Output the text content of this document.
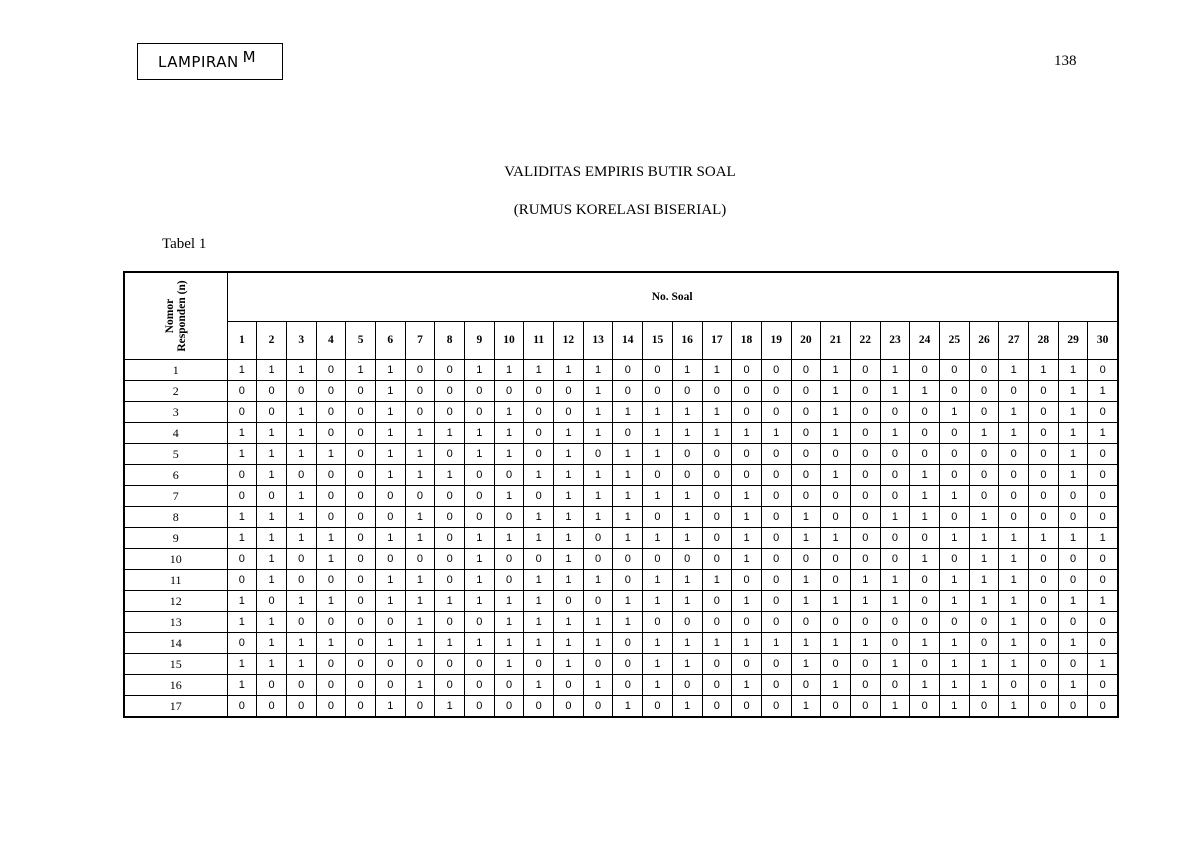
LAMPIRAN M	138
VALIDITAS EMPIRIS BUTIR SOAL
(RUMUS KORELASI BISERIAL)
Tabel 1
Nomor Responden (n)	No. Soal																													
	1	2	3	4	5	6	7	8	9	10	11	12	13	14	15	16	17	18	19	20	21	22	23	24	25	26	27	28	29	30
1	1	1	1	0	1	1	0	0	1	1	1	1	1	0	0	1	1	0	0	0	1	0	1	0	0	0	1	1	1	0
2	0	0	0	0	0	1	0	0	0	0	0	0	1	0	0	0	0	0	0	0	1	0	1	1	0	0	0	0	1	1
3	0	0	1	0	0	1	0	0	0	1	0	0	1	1	1	1	1	0	0	0	1	0	0	0	1	0	1	0	1	0
4	1	1	1	0	0	1	1	1	1	1	0	1	1	0	1	1	1	1	1	0	1	0	1	0	0	1	1	0	1	1
5	1	1	1	1	0	1	1	0	1	1	0	1	0	1	1	0	0	0	0	0	0	0	0	0	0	0	0	0	1	0
6	0	1	0	0	0	1	1	1	0	0	1	1	1	1	0	0	0	0	0	0	1	0	0	1	0	0	0	0	1	0
7	0	0	1	0	0	0	0	0	0	1	0	1	1	1	1	1	0	1	0	0	0	0	0	1	1	0	0	0	0	0
8	1	1	1	0	0	0	1	0	0	0	1	1	1	1	0	1	0	1	0	1	0	0	1	1	0	1	0	0	0	0
9	1	1	1	1	0	1	1	0	1	1	1	1	0	1	1	1	0	1	0	1	1	0	0	0	1	1	1	1	1	1
10	0	1	0	1	0	0	0	0	1	0	0	1	0	0	0	0	0	1	0	0	0	0	0	1	0	1	1	0	0	0
11	0	1	0	0	0	1	1	0	1	0	1	1	1	0	1	1	1	0	0	1	0	1	1	0	1	1	1	0	0	0
12	1	0	1	1	0	1	1	1	1	1	1	0	0	1	1	1	0	1	0	1	1	1	1	0	1	1	1	0	1	1
13	1	1	0	0	0	0	1	0	0	1	1	1	1	1	0	0	0	0	0	0	0	0	0	0	0	0	1	0	0	0
14	0	1	1	1	0	1	1	1	1	1	1	1	1	0	1	1	1	1	1	1	1	1	0	1	1	0	1	0	1	0
15	1	1	1	0	0	0	0	0	0	1	0	1	0	0	1	1	0	0	0	1	0	0	1	0	1	1	1	0	0	1
16	1	0	0	0	0	0	1	0	0	0	1	0	1	0	1	0	0	1	0	0	1	0	0	1	1	1	0	0	1	0
17	0	0	0	0	0	1	0	1	0	0	0	0	0	1	0	1	0	0	0	1	0	0	1	0	1	0	1	0	0	0
